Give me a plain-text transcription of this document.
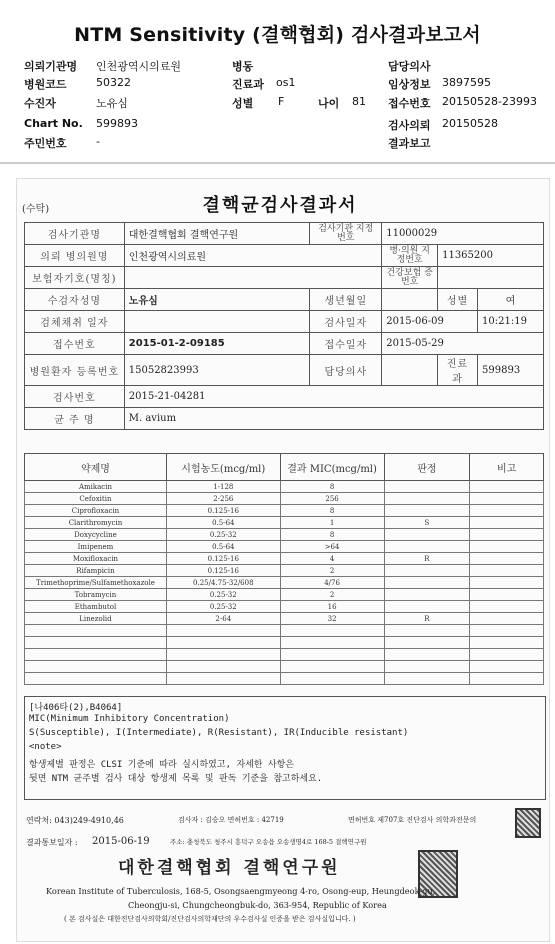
NTM Sensitivity (결핵협회) 검사결과보고서
의뢰기관명 인천광역시의료원	병동	담당의사
병원코드	50322	진료과 os1	임상정보 3897595
수진자	노유심	성별 F	나이 81 접수번호 20150528-23993
Chart No. 599893	검사의뢰 20150528
주민번호	-	결과보고
(수탁)	결핵균검사결과서
검사기관명	대한결핵협회 결핵연구원	검사기관 지정번호	11000029		
의뢰 병의원명	인천광역시의료원		병·의원 지정번호	11365200	
보험자기호(명칭)			건강보험 증번호		
수검자성명	노유심	생년월일		성별	여
검체채취 일자		검사일자	2015-06-09		10:21:19
접수번호	2015-01-2-09185	접수일자	2015-05-29		
병원환자 등록번호	15052823993	담당의사		진료과	599893
검사번호	2015-21-04281				
균 주 명	M. avium				
약제명	시험농도(mcg/ml)	결과 MIC(mcg/ml)	판정	비고
Amikacin	1-128	8		
Cefoxitin	2-256	256		
Ciprofloxacin	0.125-16	8		
Clarithromycin	0.5-64	1	S	
Doxycycline	0.25-32	8		
Imipenem	0.5-64	>64		
Moxifloxacin	0.125-16	4	R	
Rifampicin	0.125-16	2		
Trimethoprime/Sulfamethoxazole	0.25/4.75-32/608	4/76		
Tobramycin	0.25-32	2		
Ethambutol	0.25-32	16		
Linezolid	2-64	32	R	

[나406타(2),B4064]
MIC(Minimum Inhibitory Concentration)
S(Susceptible), I(Intermediate), R(Resistant), IR(Inducible resistant)
<note>
항생제별 판정은 CLSI 기준에 따라 실시하였고, 자세한 사항은
뒷면 NTM 균주별 검사 대상 항생제 목록 및 판독 기준을 참고하세요.
연락처: 043)249-4910,46	검사자 : 김승오 면허번호 : 42719	면허번호 제707호 진단검사 의학과전문의
결과통보일자 : 2015-06-19	주소: 충청북도 청주시 흥덕구 오송읍 오송생명4로 168-5 결핵연구원
대한결핵협회 결핵연구원
Korean Institute of Tuberculosis, 168-5, Osongsaengmyeong 4-ro, Osong-eup, Heungdeok-gu,
Cheongju-si, Chungcheongbuk-do, 363-954, Republic of Korea
( 본 검사실은 대한진단검사의학회/진단검사의학재단의 우수검사실 인증을 받은 검사실입니다. )
